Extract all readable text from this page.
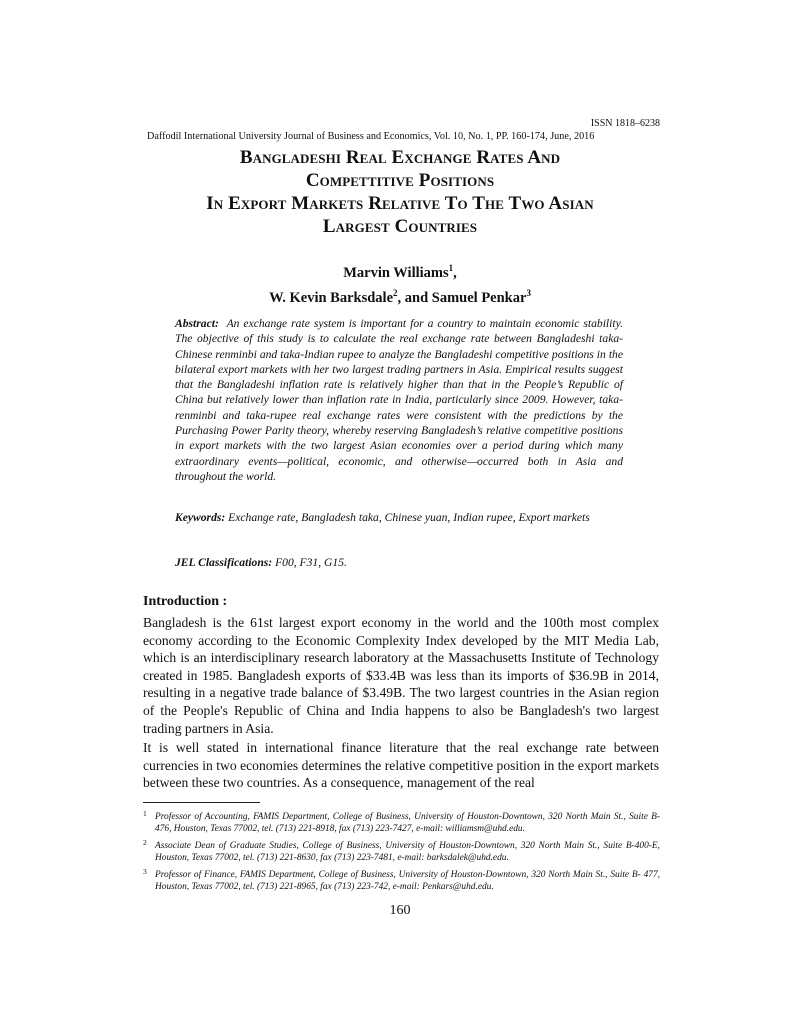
ISSN 1818–6238
Daffodil International University Journal of Business and Economics, Vol. 10, No. 1, PP. 160-174, June, 2016
Bangladeshi Real Exchange Rates And
Compettitive Positions
In Export Markets Relative To The Two Asian
Largest Countries
Marvin Williams$^1$,
W. Kevin Barksdale$^2$, and Samuel Penkar$^3$
Abstract: An exchange rate system is important for a country to maintain economic stability. The objective of this study is to calculate the real exchange rate between Bangladeshi taka-Chinese renminbi and taka-Indian rupee to analyze the Bangladeshi competitive positions in the bilateral export markets with her two largest trading partners in Asia. Empirical results suggest that the Bangladeshi inflation rate is relatively higher than that in the People’s Republic of China but relatively lower than inflation rate in India, particularly since 2009. However, taka-renminbi and taka-rupee real exchange rates were consistent with the predictions by the Purchasing Power Parity theory, whereby reserving Bangladesh’s relative competitive positions in export markets with the two largest Asian economies over a period during which many extraordinary events—political, economic, and otherwise—occurred both in Asia and throughout the world.
Keywords: Exchange rate, Bangladesh taka, Chinese yuan, Indian rupee, Export markets
JEL Classifications: F00, F31, G15.
Introduction :
Bangladesh is the 61st largest export economy in the world and the 100th most complex economy according to the Economic Complexity Index developed by the MIT Media Lab, which is an interdisciplinary research laboratory at the Massachusetts Institute of Technology created in 1985. Bangladesh exports of $33.4B was less than its imports of $36.9B in 2014, resulting in a negative trade balance of $3.49B. The two largest countries in the Asian region of the People's Republic of China and India happens to also be Bangladesh's two largest trading partners in Asia.
It is well stated in international finance literature that the real exchange rate between currencies in two economies determines the relative competitive position in the export markets between these two countries. As a consequence, management of the real
1 Professor of Accounting, FAMIS Department, College of Business, University of Houston-Downtown, 320 North Main St., Suite B-476, Houston, Texas 77002, tel. (713) 221-8918, fax (713) 223-7427, e-mail: williamsm@uhd.edu.
2 Associate Dean of Graduate Studies, College of Business, University of Houston-Downtown, 320 North Main St., Suite B-400-E, Houston, Texas 77002, tel. (713) 221-8630, fax (713) 223-7481, e-mail: barksdalek@uhd.edu.
3 Professor of Finance, FAMIS Department, College of Business, University of Houston-Downtown, 320 North Main St., Suite B- 477, Houston, Texas 77002, tel. (713) 221-8965, fax (713) 223-742, e-mail: Penkars@uhd.edu.
160
